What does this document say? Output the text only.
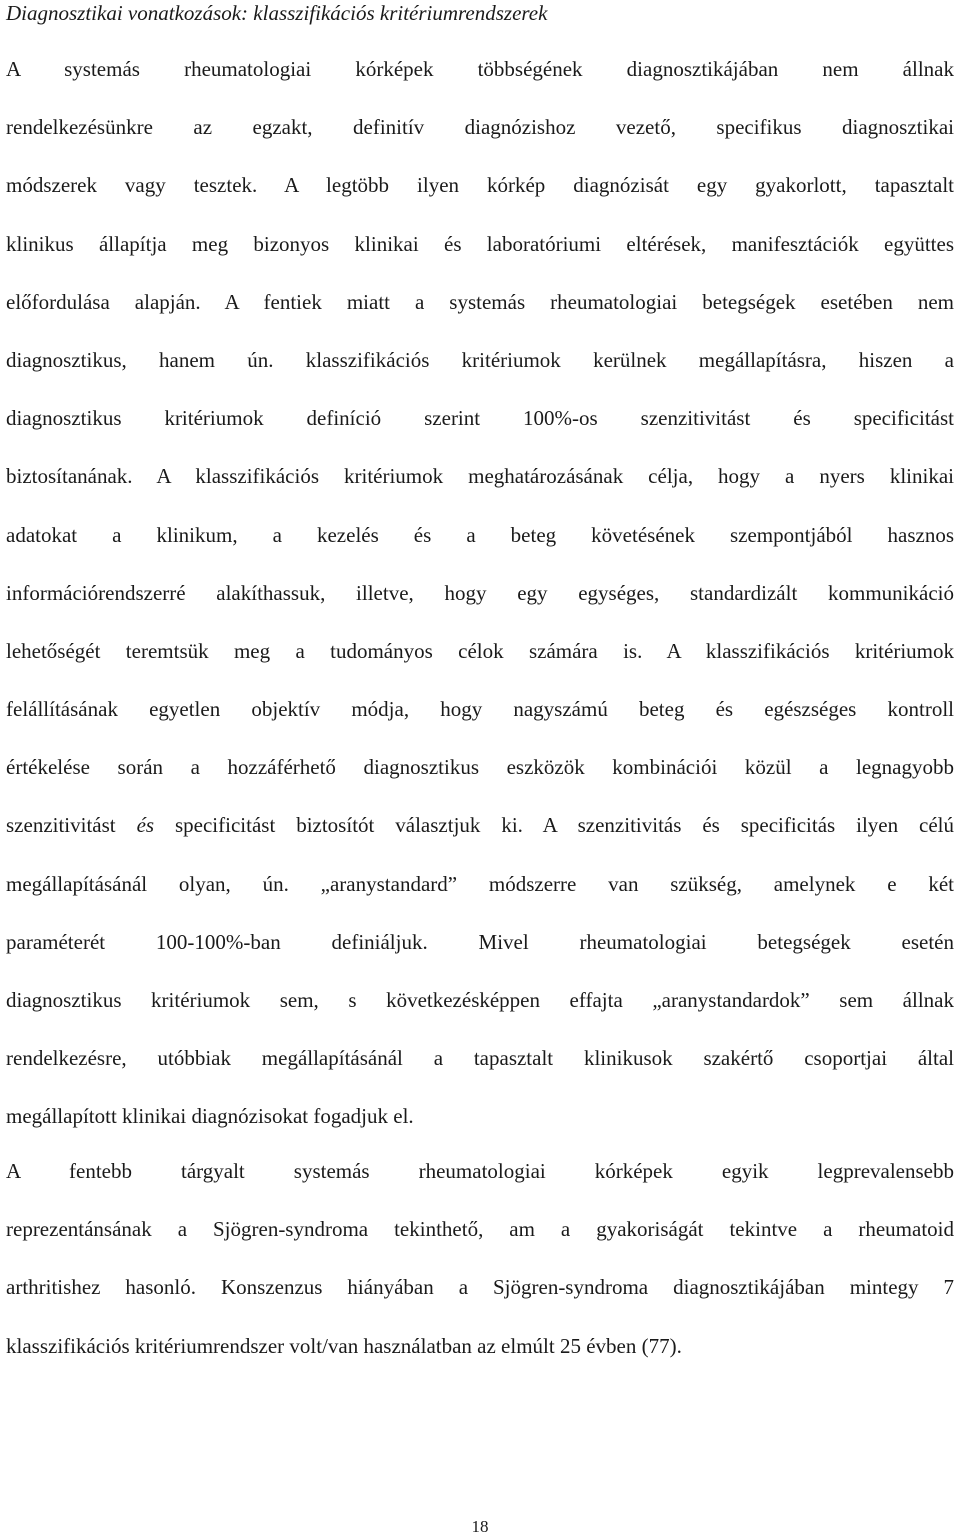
Diagnosztikai vonatkozások: klasszifikációs kritériumrendszerek
A systemás rheumatologiai kórképek többségének diagnosztikájában nem állnak
rendelkezésünkre az egzakt, definitív diagnózishoz vezető, specifikus diagnosztikai
módszerek vagy tesztek. A legtöbb ilyen kórkép diagnózisát egy gyakorlott, tapasztalt
klinikus állapítja meg bizonyos klinikai és laboratóriumi eltérések, manifesztációk együttes
előfordulása alapján. A fentiek miatt a systemás rheumatologiai betegségek esetében nem
diagnosztikus, hanem ún. klasszifikációs kritériumok kerülnek megállapításra, hiszen a
diagnosztikus kritériumok definíció szerint 100%-os szenzitivitást és specificitást
biztosítanának. A klasszifikációs kritériumok meghatározásának célja, hogy a nyers klinikai
adatokat a klinikum, a kezelés és a beteg követésének szempontjából hasznos
információrendszerré alakíthassuk, illetve, hogy egy egységes, standardizált kommunikáció
lehetőségét teremtsük meg a tudományos célok számára is. A klasszifikációs kritériumok
felállításának egyetlen objektív módja, hogy nagyszámú beteg és egészséges kontroll
értékelése során a hozzáférhető diagnosztikus eszközök kombinációi közül a legnagyobb
szenzitivitást és specificitást biztosítót választjuk ki. A szenzitivitás és specificitás ilyen célú
megállapításánál olyan, ún. „aranystandard” módszerre van szükség, amelynek e két
paraméterét 100-100%-ban definiáljuk. Mivel rheumatologiai betegségek esetén
diagnosztikus kritériumok sem, s következésképpen effajta „aranystandardok” sem állnak
rendelkezésre, utóbbiak megállapításánál a tapasztalt klinikusok szakértő csoportjai által
megállapított klinikai diagnózisokat fogadjuk el.
A fentebb tárgyalt systemás rheumatologiai kórképek egyik legprevalensebb
reprezentánsának a Sjögren-syndroma tekinthető, am a gyakoriságát tekintve a rheumatoid
arthritishez hasonló. Konszenzus hiányában a Sjögren-syndroma diagnosztikájában mintegy 7
klasszifikációs kritériumrendszer volt/van használatban az elmúlt 25 évben (77).
18
